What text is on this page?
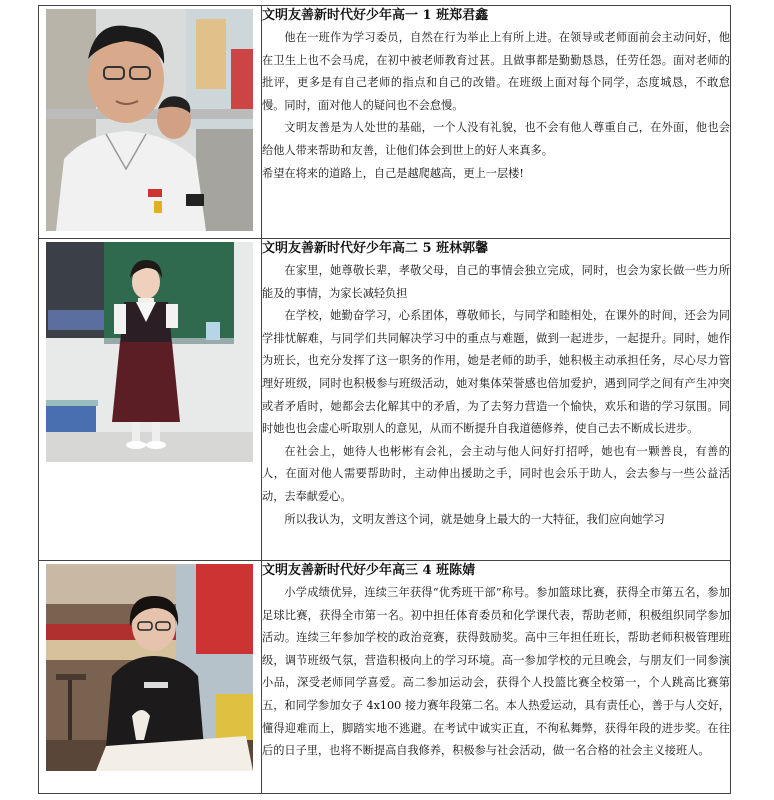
文明友善新时代好少年高一 1 班郑君鑫

他在一班作为学习委员，自然在行为举止上有所上进。在领导或老师面前会主动问好，他在卫生上也不会马虎，在初中被老师教育过甚。且做事都是勤勤恳恳，任劳任怨。面对老师的批评，更多是有自己老师的指点和自己的改错。在班级上面对每个同学，态度城恳，不敢怠慢。同时，面对他人的疑问也不会怠慢。

文明友善是为人处世的基础，一个人没有礼貌，也不会有他人尊重自己，在外面，他也会给他人带来帮助和友善，让他们体会到世上的好人来真多。

希望在将来的道路上，自己是越爬越高，更上一层楼!

文明友善新时代好少年高二 5 班林郭馨

在家里，她尊敬长辈，孝敬父母，自己的事情会独立完成，同时，也会为家长做一些力所能及的事情，为家长减轻负担

在学校，她勤奋学习，心系团体，尊敬师长，与同学和睦相处，在课外的时间，还会为同学排忧解难，与同学们共同解决学习中的重点与难题，做到一起进步，一起提升。同时，她作为班长，也充分发挥了这一职务的作用，她是老师的助手，她积极主动承担任务，尽心尽力管理好班级，同时也积极参与班级活动，她对集体荣誉感也倍加爱护，遇到同学之间有产生冲突或者矛盾时，她都会去化解其中的矛盾，为了去努力营造一个愉快，欢乐和谐的学习氛围。同时她也也会虚心听取别人的意见，从而不断提升自我道德修养，使自己去不断成长进步。

在社会上，她待人也彬彬有会礼，会主动与他人问好打招呼，她也有一颗善良，有善的人，在面对他人需要帮助时，主动伸出援助之手，同时也会乐于助人，会去参与一些公益活动，去奉献爱心。

所以我认为，文明友善这个词，就是她身上最大的一大特征，我们应向她学习

文明友善新时代好少年高三 4 班陈婧

小学成绩优异，连续三年获得“优秀班干部”称号。参加篮球比赛，获得全市第五名，参加足球比赛，获得全市第一名。初中担任体育委员和化学课代表，帮助老师，积极组织同学参加活动。连续三年参加学校的政治竞赛，获得鼓励奖。高中三年担任班长，帮助老师积极管理班级，调节班级气氛，营造积极向上的学习环境。高一参加学校的元旦晚会，与朋友们一同参演小品，深受老师同学喜爱。高二参加运动会，获得个人投篮比赛全校第一，个人跳高比赛第五，和同学参加女子 4x100 接力赛年段第二名。本人热爱运动，具有责任心，善于与人交好，懂得迎难而上，脚踏实地不逃避。在考试中诚实正直，不徇私舞弊，获得年段的进步奖。在往后的日子里，也将不断提高自我修养，积极参与社会活动，做一名合格的社会主义接班人。
